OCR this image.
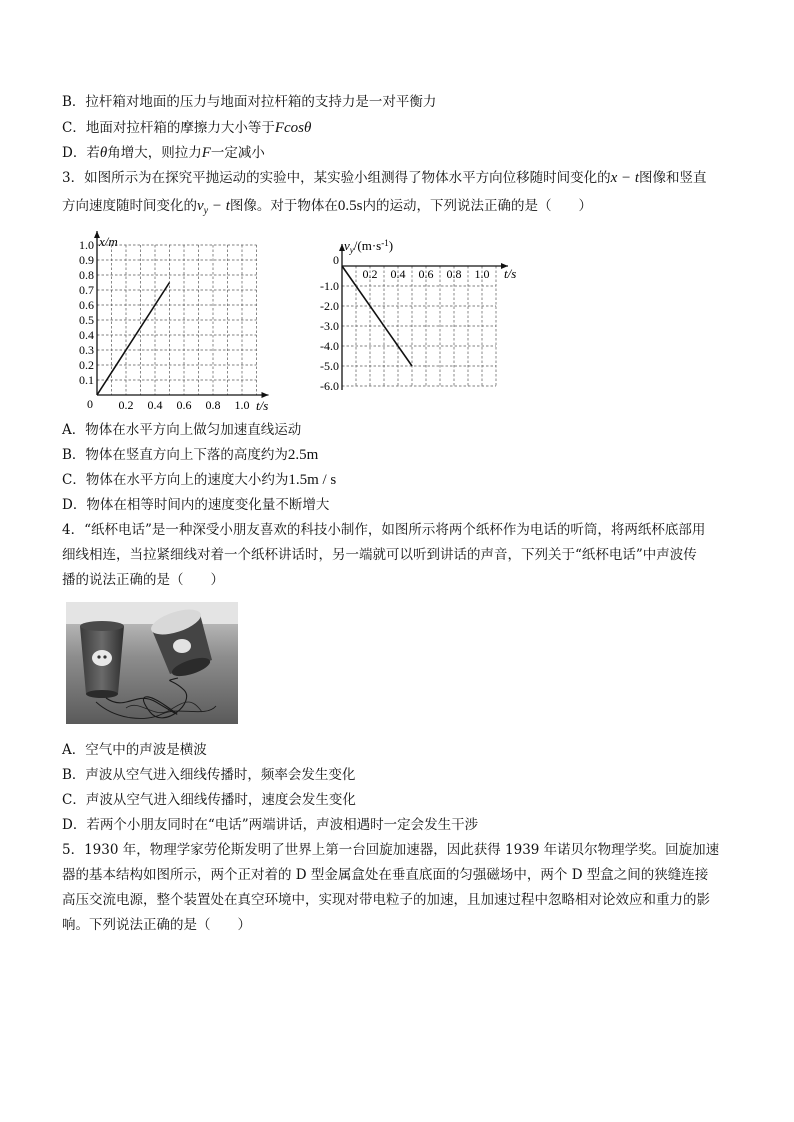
B．拉杆箱对地面的压力与地面对拉杆箱的支持力是一对平衡力
C．地面对拉杆箱的摩擦力大小等于Fcosθ
D．若θ角增大，则拉力F一定减小
3．如图所示为在探究平抛运动的实验中，某实验小组测得了物体水平方向位移随时间变化的x − t图像和竖直
方向速度随时间变化的$v_y - t$图像。对于物体在0.5s内的运动，下列说法正确的是（　　）
0.2 0.4 0.6 0.8 1.0
0.1
0.2
0.3
0.4
0.5
0.6
0.7
0.8
0.9
1.0 x/m
t/s
0
0.2 0.4 0.6 0.8 1.0
0
-1.0
-2.0
-3.0
-4.0
-5.0
-6.0
$v_y/(m\cdot s^{-1})$
t/s
A．物体在水平方向上做匀加速直线运动
B．物体在竖直方向上下落的高度约为2.5m
C．物体在水平方向上的速度大小约为1.5m / s
D．物体在相等时间内的速度变化量不断增大
4．“纸杯电话”是一种深受小朋友喜欢的科技小制作，如图所示将两个纸杯作为电话的听筒，将两纸杯底部用
细线相连，当拉紧细线对着一个纸杯讲话时，另一端就可以听到讲话的声音，下列关于“纸杯电话”中声波传
播的说法正确的是（　　）
A．空气中的声波是横波
B．声波从空气进入细线传播时，频率会发生变化
C．声波从空气进入细线传播时，速度会发生变化
D．若两个小朋友同时在“电话”两端讲话，声波相遇时一定会发生干涉
5．1930 年，物理学家劳伦斯发明了世界上第一台回旋加速器，因此获得 1939 年诺贝尔物理学奖。回旋加速
器的基本结构如图所示，两个正对着的 D 型金属盒处在垂直底面的匀强磁场中，两个 D 型盒之间的狭缝连接
高压交流电源，整个装置处在真空环境中，实现对带电粒子的加速，且加速过程中忽略相对论效应和重力的影
响。下列说法正确的是（　　）
